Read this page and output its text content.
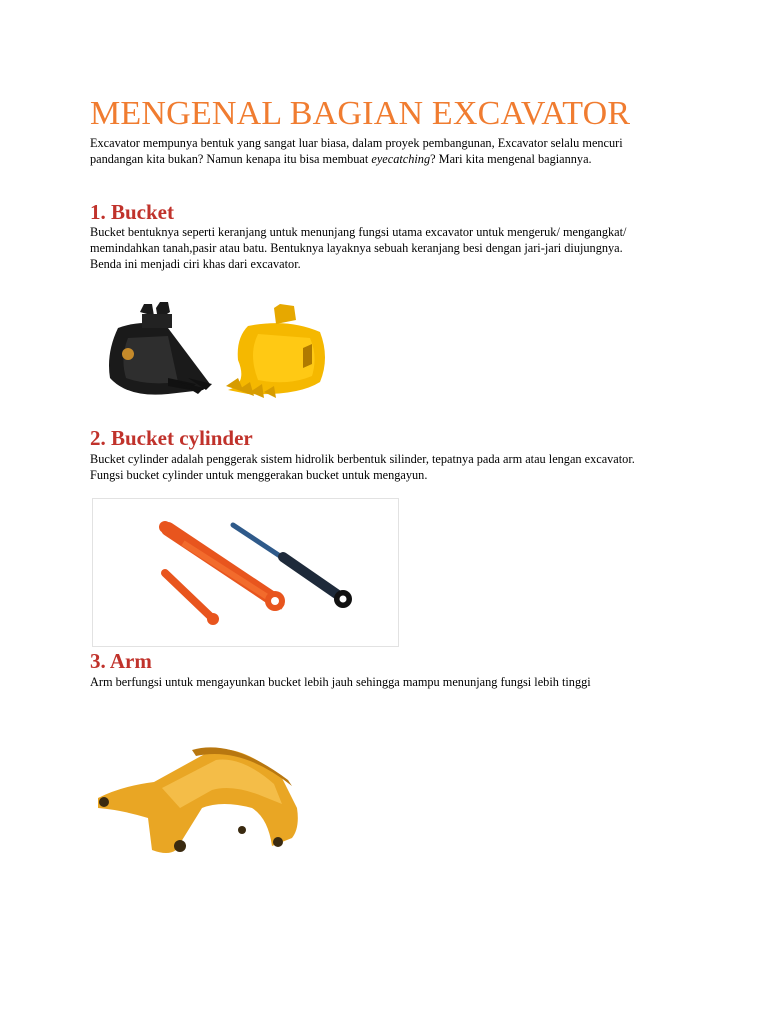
MENGENAL BAGIAN EXCAVATOR

Excavator mempunya bentuk yang sangat luar biasa, dalam proyek pembangunan, Excavator selalu mencuri
pandangan kita bukan? Namun kenapa itu bisa membuat eyecatching? Mari kita mengenal bagiannya.

1. Bucket

Bucket bentuknya seperti keranjang untuk menunjang fungsi utama excavator untuk mengeruk/ mengangkat/
memindahkan tanah,pasir atau batu. Bentuknya layaknya sebuah keranjang besi dengan jari-jari diujungnya.
Benda ini menjadi ciri khas dari excavator.

2. Bucket cylinder

Bucket cylinder adalah penggerak sistem hidrolik berbentuk silinder, tepatnya pada arm atau lengan excavator.
Fungsi bucket cylinder untuk menggerakan bucket untuk mengayun.

3. Arm

Arm berfungsi untuk mengayunkan bucket lebih jauh sehingga mampu menunjang fungsi lebih tinggi
